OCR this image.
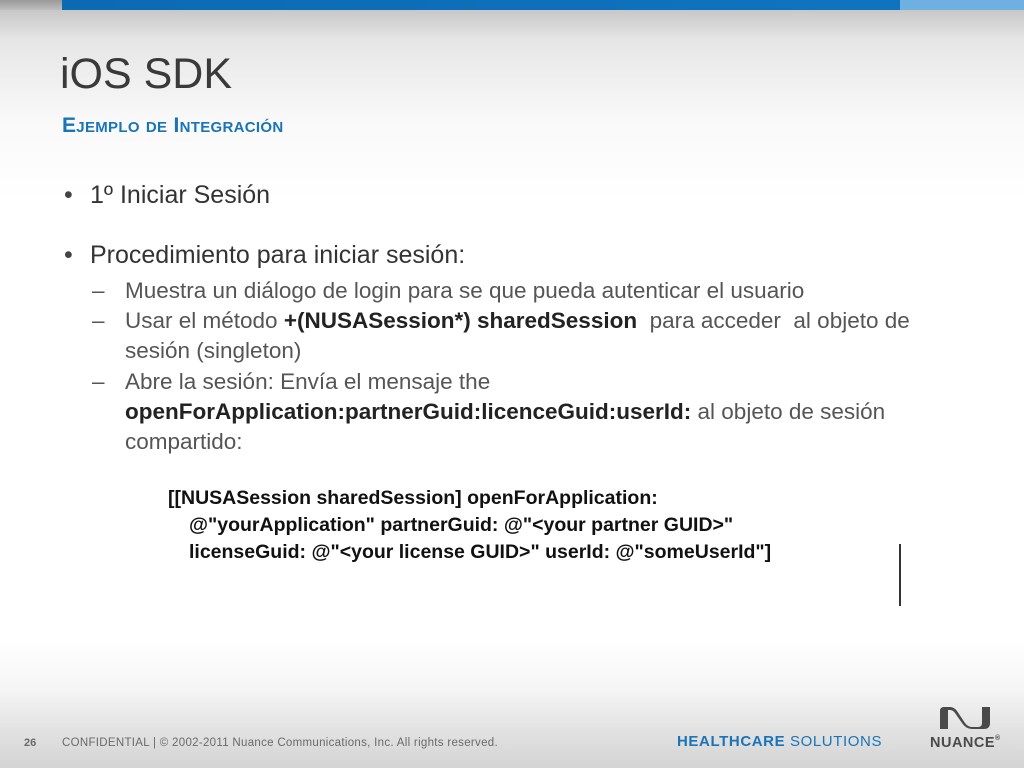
iOS SDK
Ejemplo de Integración
• 1º Iniciar Sesión
• Procedimiento para iniciar sesión:
– Muestra un diálogo de login para se que pueda autenticar el usuario
– Usar el método +(NUSASession*) sharedSession  para acceder  al objeto de sesión (singleton)
– Abre la sesión: Envía el mensaje the openForApplication:partnerGuid:licenceGuid:userId: al objeto de sesión compartido:
[[NUSASession sharedSession] openForApplication:
@"yourApplication" partnerGuid: @"<your partner GUID>"
licenseGuid: @"<your license GUID>" userId: @"someUserId"]
26 CONFIDENTIAL | © 2002-2011 Nuance Communications, Inc. All rights reserved.	HEALTHCARE SOLUTIONS	NUANCE®
